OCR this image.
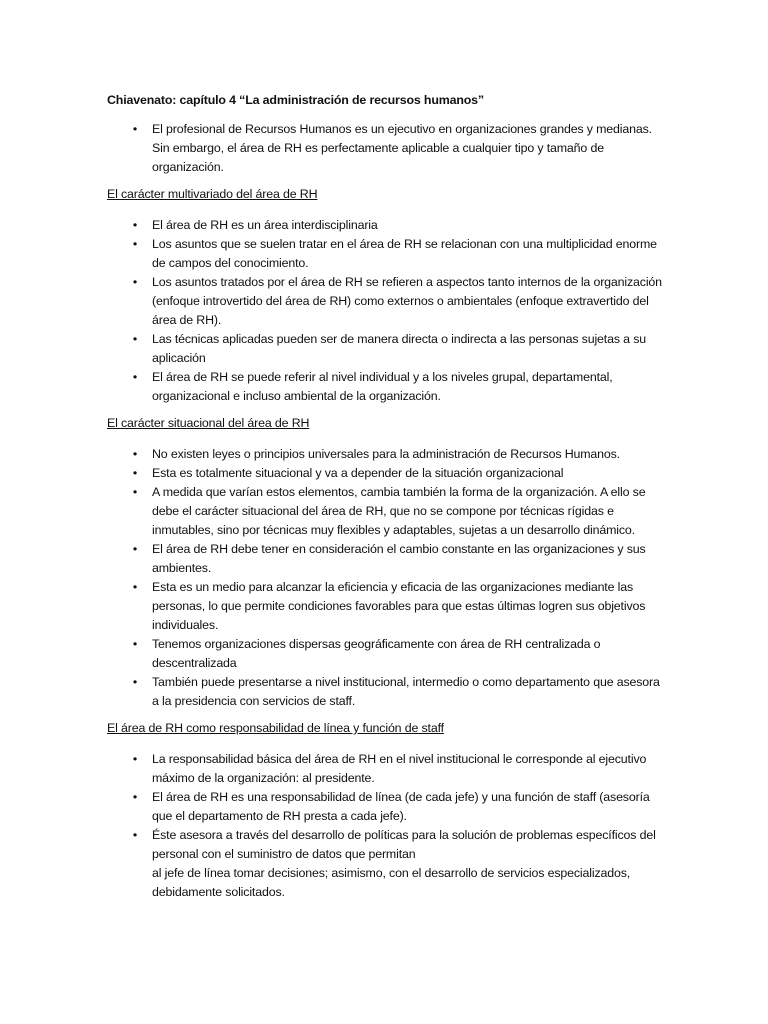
Chiavenato: capítulo 4 “La administración de recursos humanos”
•	El profesional de Recursos Humanos es un ejecutivo en organizaciones grandes y medianas. Sin embargo, el área de RH es perfectamente aplicable a cualquier tipo y tamaño de organización.
El carácter multivariado del área de RH
•	El área de RH es un área interdisciplinaria
•	Los asuntos que se suelen tratar en el área de RH se relacionan con una multiplicidad enorme de campos del conocimiento.
•	Los asuntos tratados por el área de RH se refieren a aspectos tanto internos de la organización (enfoque introvertido del área de RH) como externos o ambientales (enfoque extravertido del área de RH).
•	Las técnicas aplicadas pueden ser de manera directa o indirecta a las personas sujetas a su aplicación
•	El área de RH se puede referir al nivel individual y a los niveles grupal, departamental, organizacional e incluso ambiental de la organización.
El carácter situacional del área de RH
•	No existen leyes o principios universales para la administración de Recursos Humanos.
•	Esta es totalmente situacional y va a depender de la situación organizacional
•	A medida que varían estos elementos, cambia también la forma de la organización. A ello se debe el carácter situacional del área de RH, que no se compone por técnicas rígidas e inmutables, sino por técnicas muy flexibles y adaptables, sujetas a un desarrollo dinámico.
•	El área de RH debe tener en consideración el cambio constante en las organizaciones y sus ambientes.
•	Esta es un medio para alcanzar la eficiencia y eficacia de las organizaciones mediante las personas, lo que permite condiciones favorables para que estas últimas logren sus objetivos individuales.
•	Tenemos organizaciones dispersas geográficamente con área de RH centralizada o descentralizada
•	También puede presentarse a nivel institucional, intermedio o como departamento que asesora a la presidencia con servicios de staff.
El área de RH como responsabilidad de línea y función de staff
•	La responsabilidad básica del área de RH en el nivel institucional le corresponde al ejecutivo máximo de la organización: al presidente.
•	El área de RH es una responsabilidad de línea (de cada jefe) y una función de staff (asesoría que el departamento de RH presta a cada jefe).
•	Éste asesora a través del desarrollo de políticas para la solución de problemas específicos del personal con el suministro de datos que permitan
al jefe de línea tomar decisiones; asimismo, con el desarrollo de servicios especializados, debidamente solicitados.
